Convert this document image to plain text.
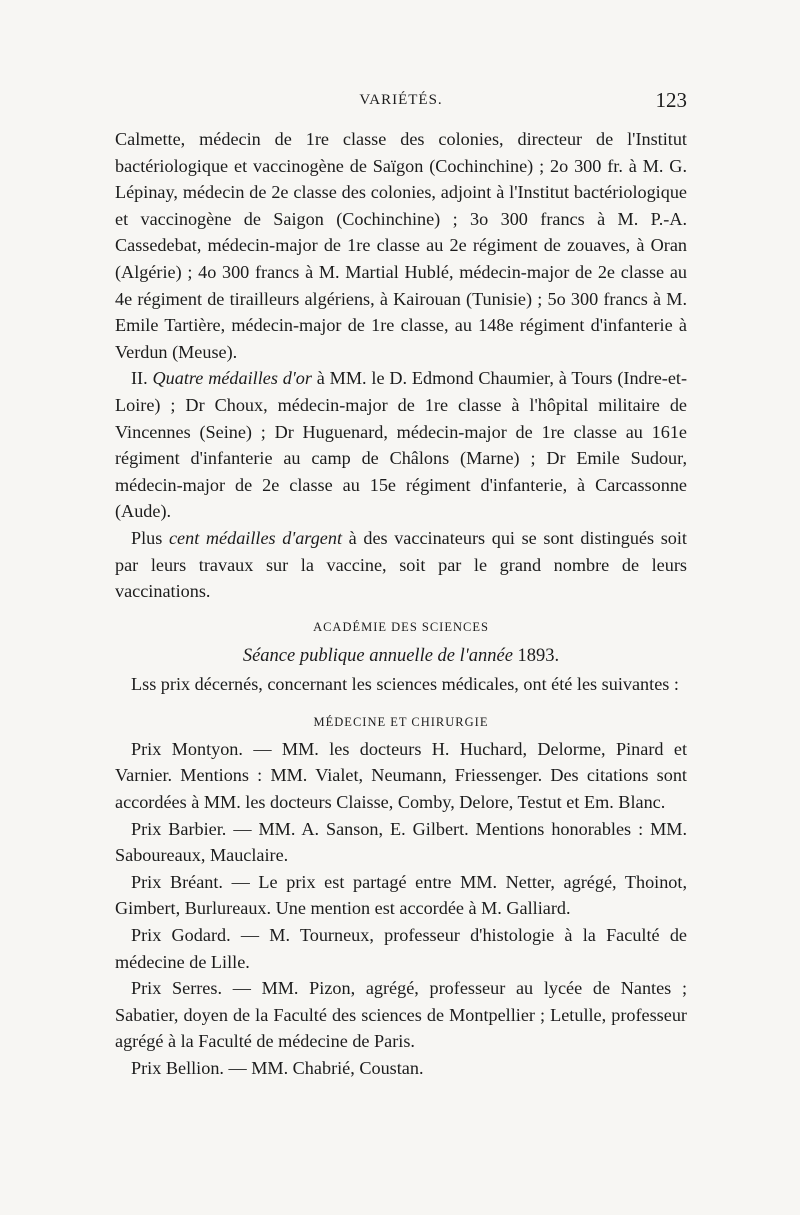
VARIÉTÉS.	123

Calmette, médecin de 1re classe des colonies, directeur de l'Institut bactériologique et vaccinogène de Saïgon (Cochinchine) ; 2o 300 fr. à M. G. Lépinay, médecin de 2e classe des colonies, adjoint à l'Institut bactériologique et vaccinogène de Saigon (Cochinchine) ; 3o 300 francs à M. P.-A. Cassedebat, médecin-major de 1re classe au 2e régiment de zouaves, à Oran (Algérie) ; 4o 300 francs à M. Martial Hublé, médecin-major de 2e classe au 4e régiment de tirailleurs algériens, à Kairouan (Tunisie) ; 5o 300 francs à M. Emile Tartière, médecin-major de 1re classe, au 148e régiment d'infanterie à Verdun (Meuse).

II. Quatre médailles d'or à MM. le D. Edmond Chaumier, à Tours (Indre-et-Loire) ; Dr Choux, médecin-major de 1re classe à l'hôpital militaire de Vincennes (Seine) ; Dr Huguenard, médecin-major de 1re classe au 161e régiment d'infanterie au camp de Châlons (Marne) ; Dr Emile Sudour, médecin-major de 2e classe au 15e régiment d'infanterie, à Carcassonne (Aude).

Plus cent médailles d'argent à des vaccinateurs qui se sont distingués soit par leurs travaux sur la vaccine, soit par le grand nombre de leurs vaccinations.

ACADÉMIE DES SCIENCES
Séance publique annuelle de l'année 1893.

Lss prix décernés, concernant les sciences médicales, ont été les suivantes :

MÉDECINE ET CHIRURGIE

Prix Montyon. — MM. les docteurs H. Huchard, Delorme, Pinard et Varnier. Mentions : MM. Vialet, Neumann, Friessenger. Des citations sont accordées à MM. les docteurs Claisse, Comby, Delore, Testut et Em. Blanc.

Prix Barbier. — MM. A. Sanson, E. Gilbert. Mentions honorables : MM. Saboureaux, Mauclaire.

Prix Bréant. — Le prix est partagé entre MM. Netter, agrégé, Thoinot, Gimbert, Burlureaux. Une mention est accordée à M. Galliard.

Prix Godard. — M. Tourneux, professeur d'histologie à la Faculté de médecine de Lille.

Prix Serres. — MM. Pizon, agrégé, professeur au lycée de Nantes ; Sabatier, doyen de la Faculté des sciences de Montpellier ; Letulle, professeur agrégé à la Faculté de médecine de Paris.

Prix Bellion. — MM. Chabrié, Coustan.
